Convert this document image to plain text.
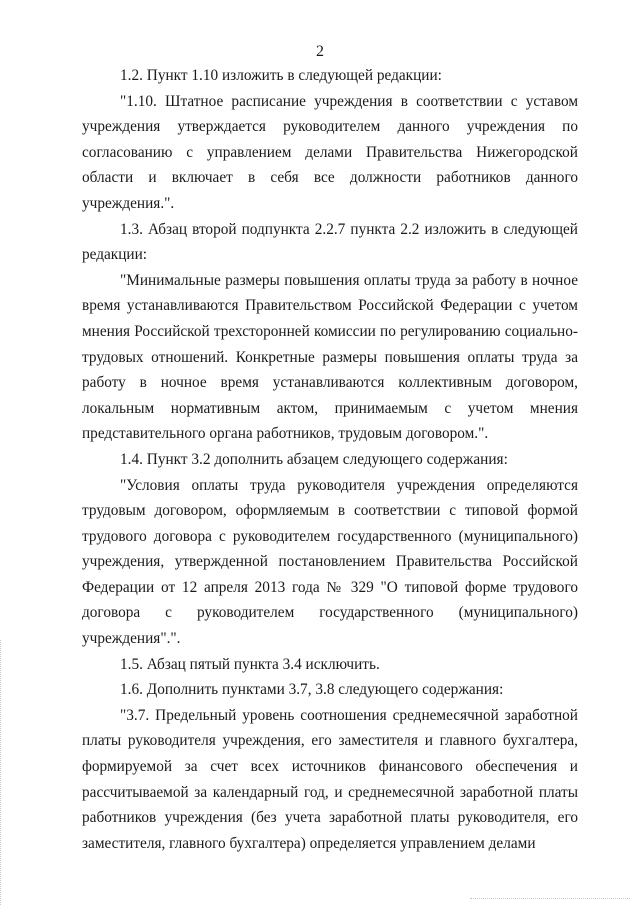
2

1.2. Пункт 1.10 изложить в следующей редакции:

"1.10. Штатное расписание учреждения в соответствии с уставом учреждения утверждается руководителем данного учреждения по согласованию с управлением делами Правительства Нижегородской области и включает в себя все должности работников данного учреждения.".

1.3. Абзац второй подпункта 2.2.7 пункта 2.2 изложить в следующей редакции:

"Минимальные размеры повышения оплаты труда за работу в ночное время устанавливаются Правительством Российской Федерации с учетом мнения Российской трехсторонней комиссии по регулированию социально-трудовых отношений. Конкретные размеры повышения оплаты труда за работу в ночное время устанавливаются коллективным договором, локальным нормативным актом, принимаемым с учетом мнения представительного органа работников, трудовым договором.".

1.4. Пункт 3.2 дополнить абзацем следующего содержания:

"Условия оплаты труда руководителя учреждения определяются трудовым договором, оформляемым в соответствии с типовой формой трудового договора с руководителем государственного (муниципального) учреждения, утвержденной постановлением Правительства Российской Федерации от 12 апреля 2013 года № 329 "О типовой форме трудового договора с руководителем государственного (муниципального) учреждения".".

1.5. Абзац пятый пункта 3.4 исключить.

1.6. Дополнить пунктами 3.7, 3.8 следующего содержания:

"3.7. Предельный уровень соотношения среднемесячной заработной платы руководителя учреждения, его заместителя и главного бухгалтера, формируемой за счет всех источников финансового обеспечения и рассчитываемой за календарный год, и среднемесячной заработной платы работников учреждения (без учета заработной платы руководителя, его заместителя, главного бухгалтера) определяется управлением делами
